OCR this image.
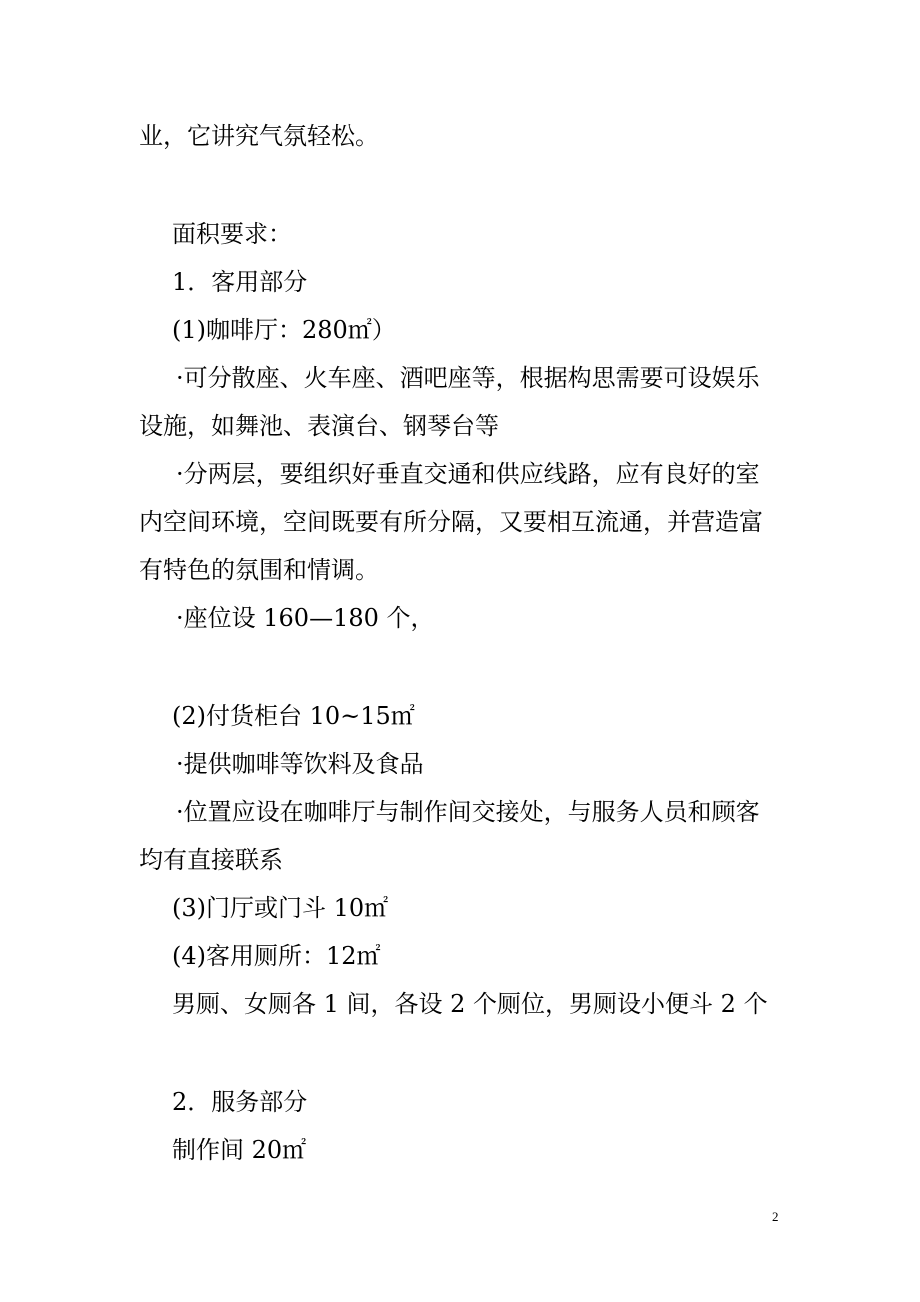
业，它讲究气氛轻松。

面积要求：

1．客用部分

(1)咖啡厅：280㎡）

·可分散座、火车座、酒吧座等，根据构思需要可设娱乐

设施，如舞池、表演台、钢琴台等

·分两层，要组织好垂直交通和供应线路，应有良好的室

内空间环境，空间既要有所分隔，又要相互流通，并营造富

有特色的氛围和情调。

·座位设 160—180 个，

(2)付货柜台 10~15㎡

·提供咖啡等饮料及食品

·位置应设在咖啡厅与制作间交接处，与服务人员和顾客

均有直接联系

(3)门厅或门斗 10㎡

(4)客用厕所：12㎡

男厕、女厕各 1 间，各设 2 个厕位，男厕设小便斗 2 个

2．服务部分

制作间 20㎡

2
